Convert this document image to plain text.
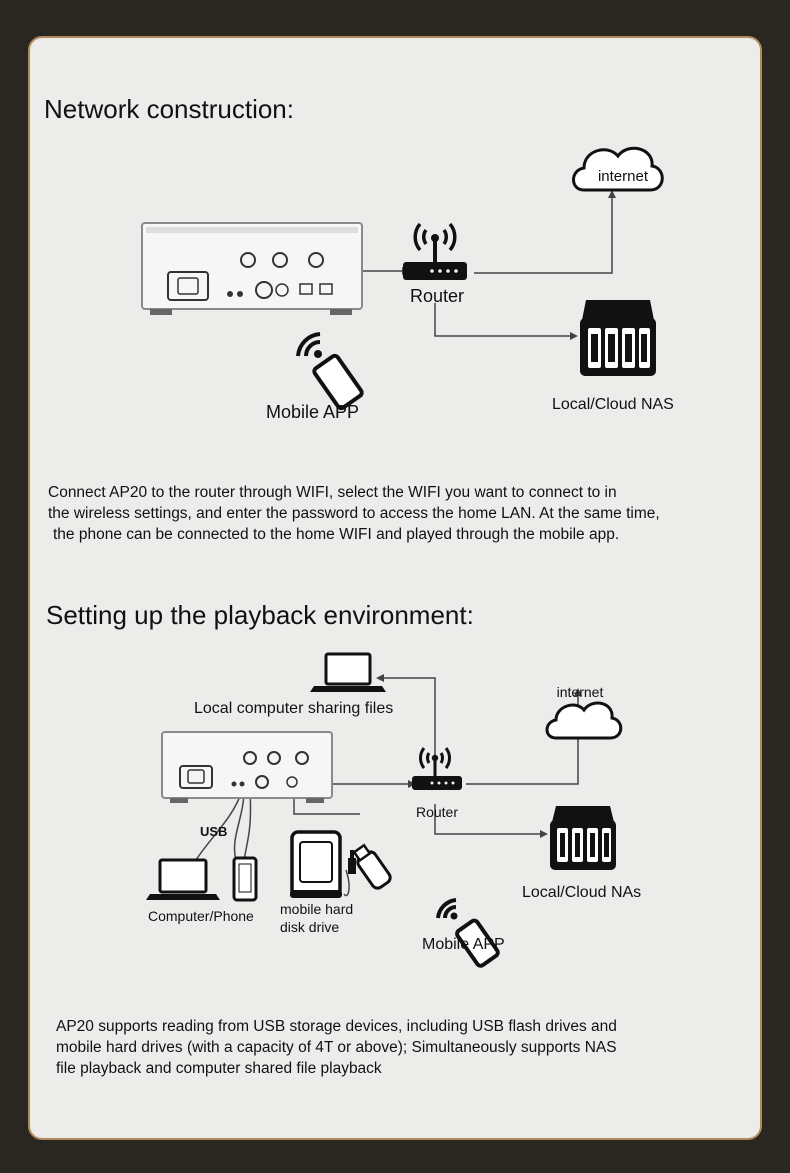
Network construction:
internet
Router
Mobile APP	Local/Cloud NAS
Connect AP20 to the router through WIFI, select the WIFI you want to connect to in
the wireless settings, and enter the password to access the home LAN. At the same time,
the phone can be connected to the home WIFI and played through the mobile app.
Setting up the playback environment:
internet
Local computer sharing files
Router
USB
Computer/Phone mobile hard
disk drive
Local/Cloud NAs
Mobile APP
AP20 supports reading from USB storage devices, including USB flash drives and
mobile hard drives (with a capacity of 4T or above); Simultaneously supports NAS
file playback and computer shared file playback
